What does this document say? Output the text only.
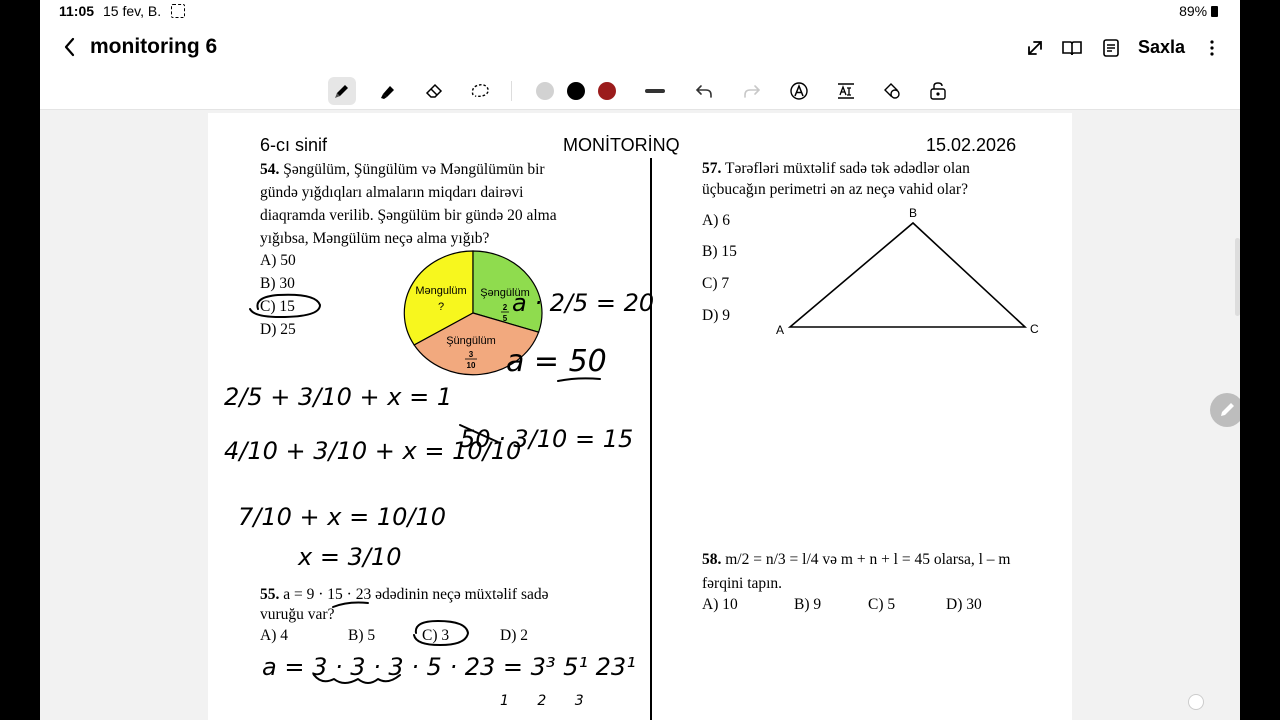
11:05 15 fev, B.	89%
monitoring 6	Saxla
6-cı sinif	MONİTORİNQ	15.02.2026
54. Şəngülüm, Şüngülüm və Məngülümün bir
gündə yığdıqları almaların miqdarı dairəvi
diaqramda verilib. Şəngülüm bir gündə 20 alma
yığıbsa, Məngülüm neçə alma yığıb?
A) 50
B) 30
C) 15
D) 25
Məngulüm
?
Şəngülüm
2
5
Şüngülüm
3
10
55. a = 9 · 15 · 23 ədədinin neçə müxtəlif sadə
vuruğu var?
A) 4	B) 5	C) 3	D) 2
57. Tərəfləri müxtəlif sadə tək ədədlər olan
üçbucağın perimetri ən az neçə vahid olar?
A) 6
B) 15
C) 7
D) 9
A
B
C
58. m/2 = n/3 = l/4 və m + n + l = 45 olarsa, l – m
fərqini tapın.
A) 10	B) 9	C) 5	D) 30
a · 2/5 = 20
a = 50
50 · 3/10 = 15
2/5 + 3/10 + x = 1
4/10 + 3/10 + x = 10/10
7/10 + x = 10/10
x = 3/10
a = 3 · 3 · 3 · 5 · 23 = 3³ 5¹ 23¹
1 2 3
